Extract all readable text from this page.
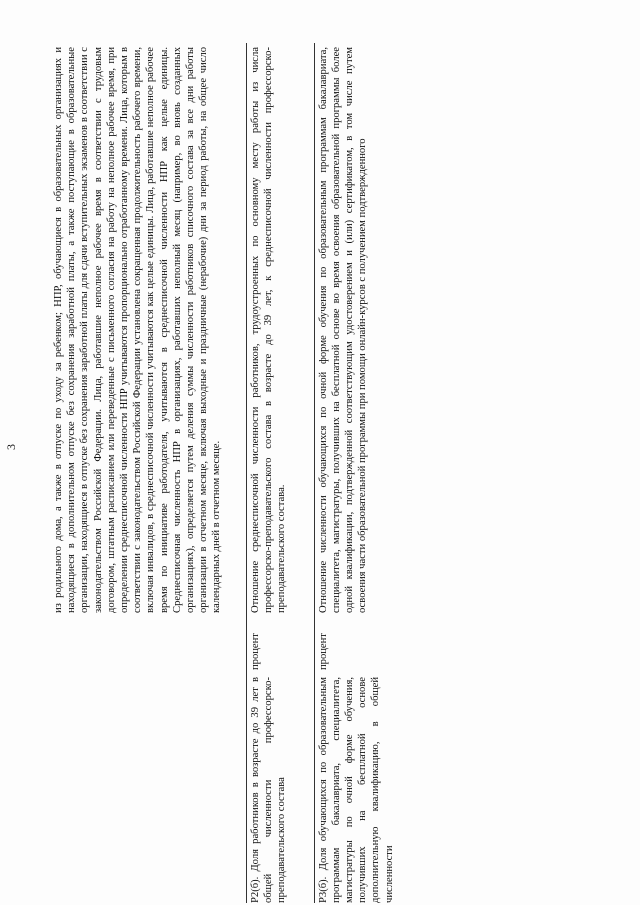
3

		из родильного дома, а также в отпуске по уходу за ребенком; НПР, обучающиеся в образовательных организациях и находящиеся в дополнительном отпуске без сохранения заработной платы, а также поступающие в образовательные организации, находящиеся в отпуске без сохранения заработной платы для сдачи вступительных экзаменов в соответствии с законодательством Российской Федерации. Лица, работавшие неполное рабочее время в соответствии с трудовым договором, штатным расписанием или переведенные с письменного согласия на работу на неполное рабочее время, при определении среднесписочной численности НПР учитываются пропорционально отработанному времени. Лица, которым в соответствии с законодательством Российской Федерации установлена сокращенная продолжительность рабочего времени, включая инвалидов, в среднесписочной численности учитываются как целые единицы. Лица, работавшие неполное рабочее время по инициативе работодателя, учитываются в среднесписочной численности НПР как целые единицы. Среднесписочная численность НПР в организациях, работавших неполный месяц (например, во вновь созданных организациях), определяется путем деления суммы численности работников списочного состава за все дни работы организации в отчетном месяце, включая выходные и праздничные (нерабочие) дни за период работы, на общее число календарных дней в отчетном месяце.

Р2(б). Доля работников в возрасте до 39 лет в общей численности профессорско-преподавательского состава	процент	Отношение среднесписочной численности работников, трудоустроенных по основному месту работы из числа профессорско-преподавательского состава в возрасте до 39 лет, к среднесписочной численности профессорско-преподавательского состава.

Р3(б). Доля обучающихся по образовательным программам бакалавриата, специалитета, магистратуры по очной форме обучения, получивших на бесплатной основе дополнительную квалификацию, в общей численности	процент	Отношение численности обучающихся по очной форме обучения по образовательным программам бакалавриата, специалитета, магистратуры, получивших на бесплатной основе во время освоения образовательной программы более одной квалификации, подтвержденной соответствующим удостоверением и (или) сертификатом, в том числе путем освоения части образовательной программы при помощи онлайн-курсов с получением подтвержденного
